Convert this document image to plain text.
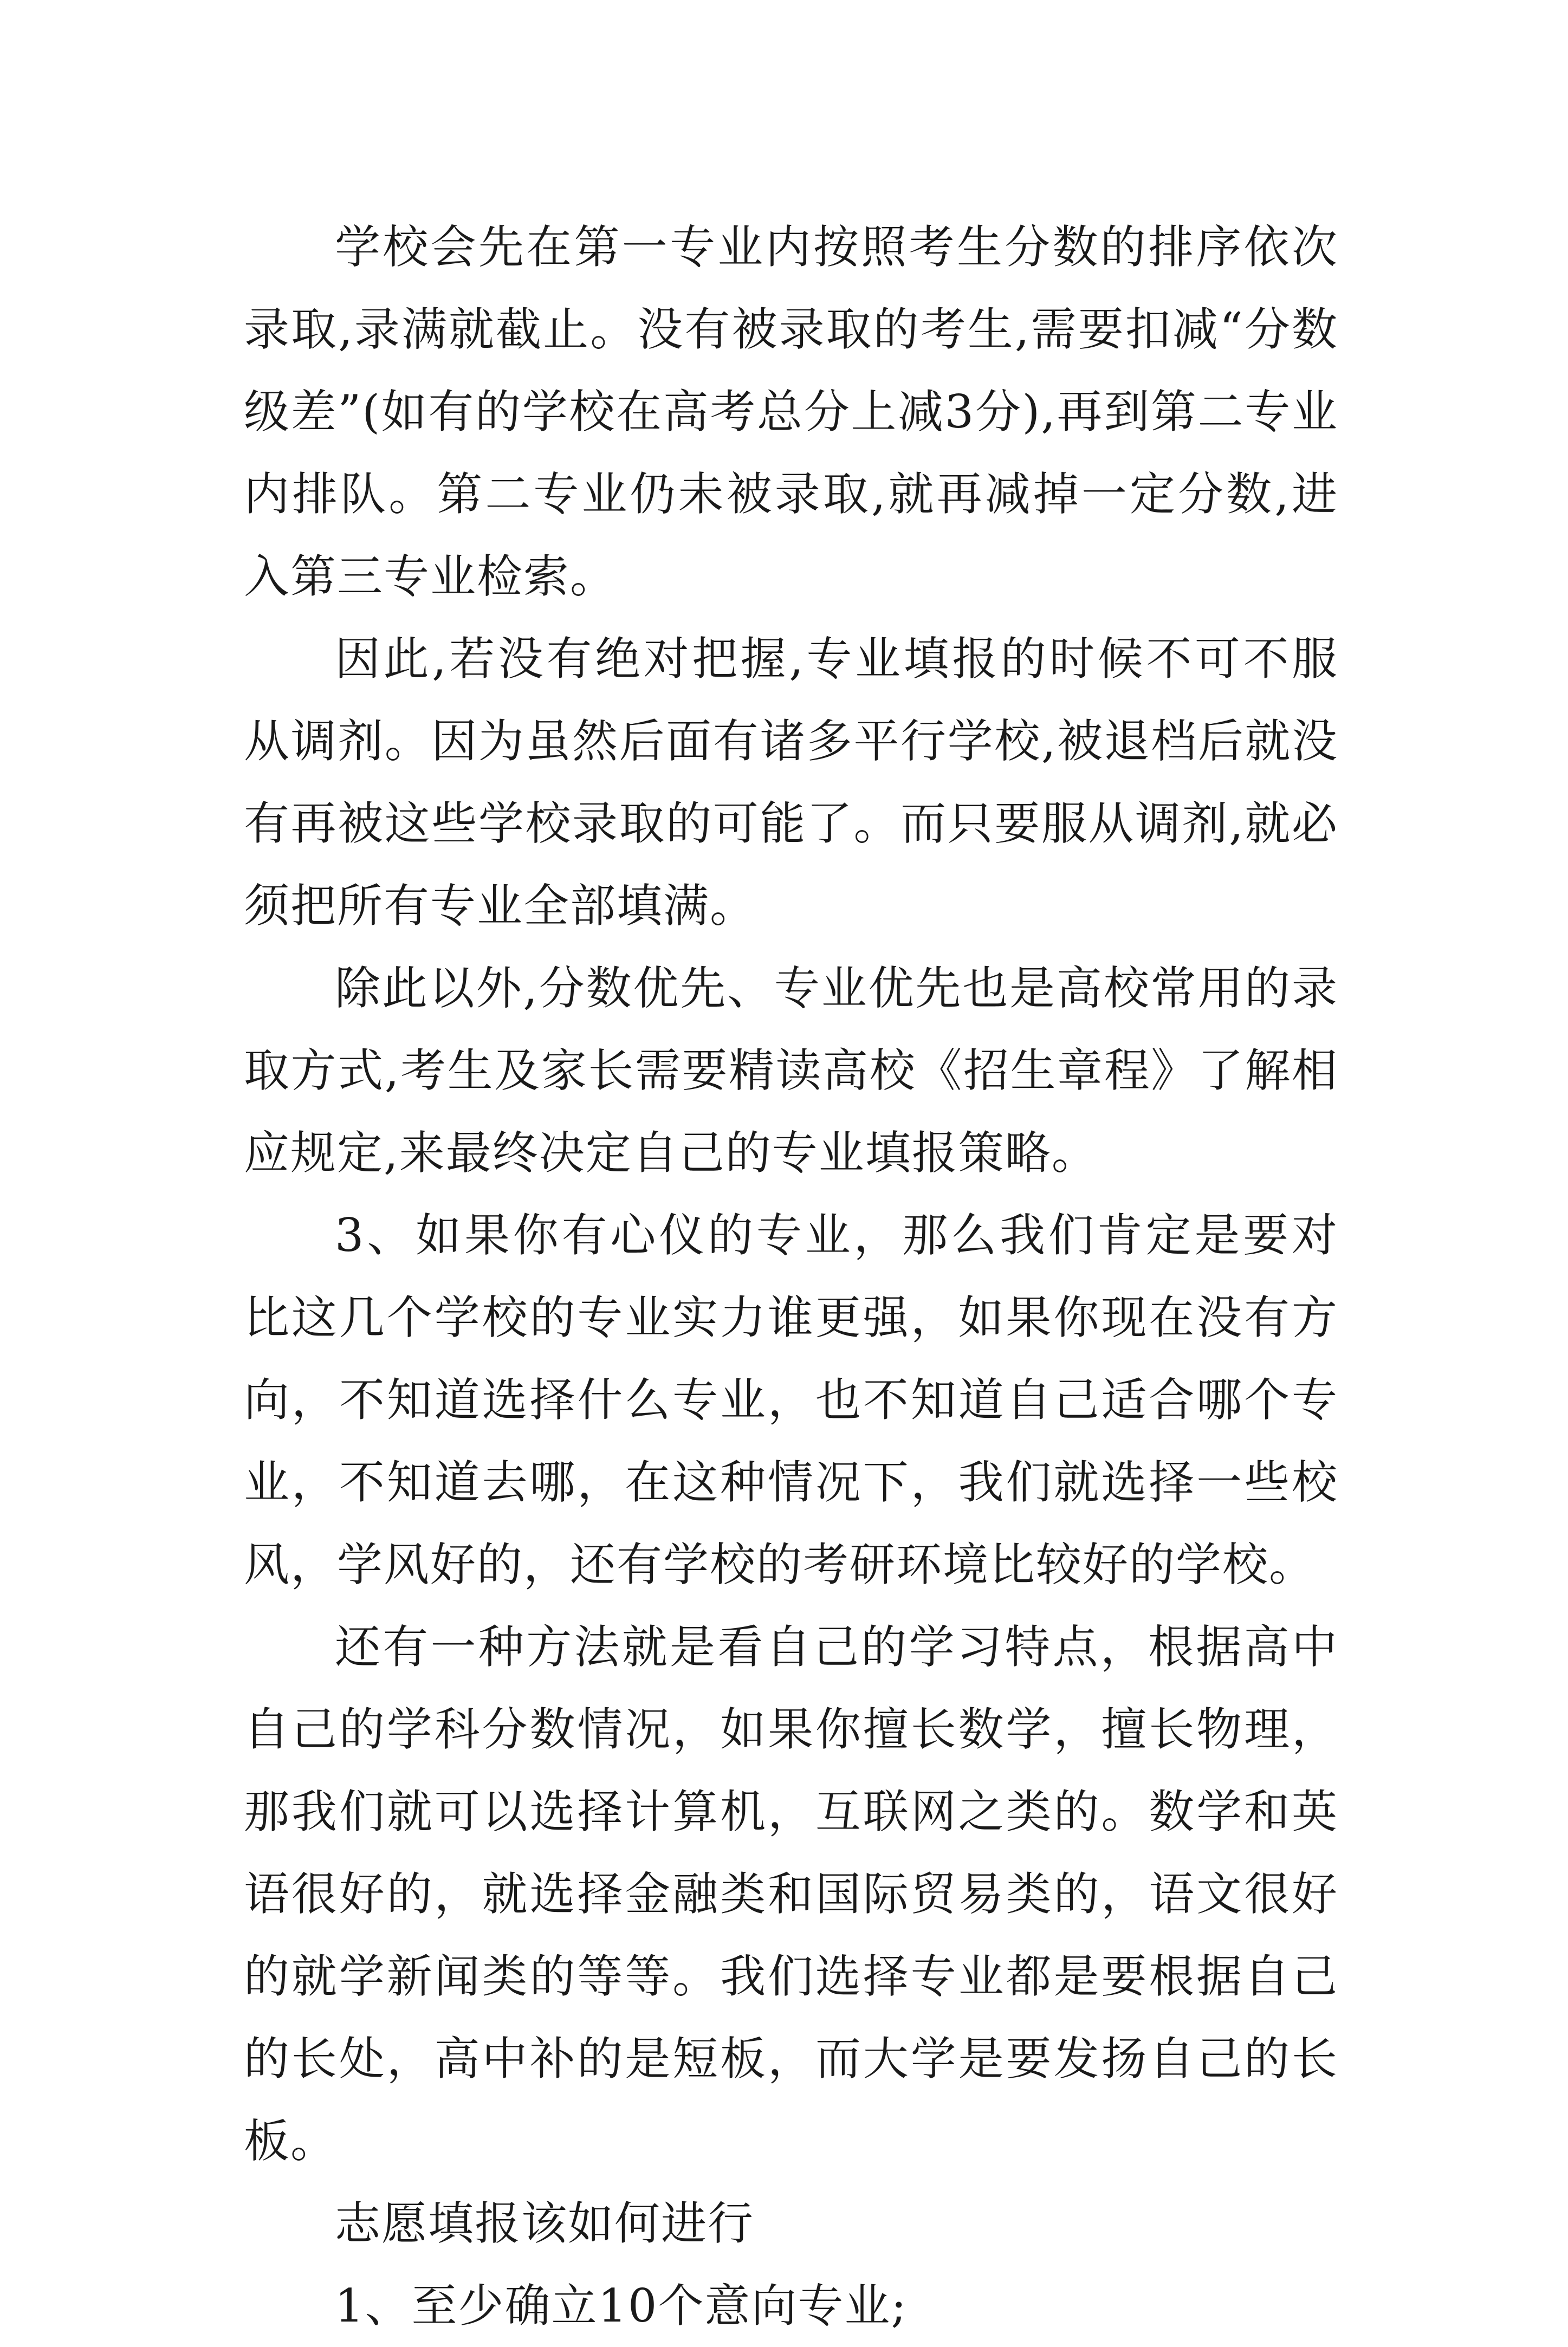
学校会先在第一专业内按照考生分数的排序依次录取,录满就截止。没有被录取的考生,需要扣减“分数级差”(如有的学校在高考总分上减3分),再到第二专业内排队。第二专业仍未被录取,就再减掉一定分数,进入第三专业检索。

因此,若没有绝对把握,专业填报的时候不可不服从调剂。因为虽然后面有诸多平行学校,被退档后就没有再被这些学校录取的可能了。而只要服从调剂,就必须把所有专业全部填满。

除此以外,分数优先、专业优先也是高校常用的录取方式,考生及家长需要精读高校《招生章程》了解相应规定,来最终决定自己的专业填报策略。

3、如果你有心仪的专业，那么我们肯定是要对比这几个学校的专业实力谁更强，如果你现在没有方向，不知道选择什么专业，也不知道自己适合哪个专业，不知道去哪，在这种情况下，我们就选择一些校风，学风好的，还有学校的考研环境比较好的学校。

还有一种方法就是看自己的学习特点，根据高中自己的学科分数情况，如果你擅长数学，擅长物理，那我们就可以选择计算机，互联网之类的。数学和英语很好的，就选择金融类和国际贸易类的，语文很好的就学新闻类的等等。我们选择专业都是要根据自己的长处，高中补的是短板，而大学是要发扬自己的长板。

志愿填报该如何进行

1、至少确立10个意向专业;
